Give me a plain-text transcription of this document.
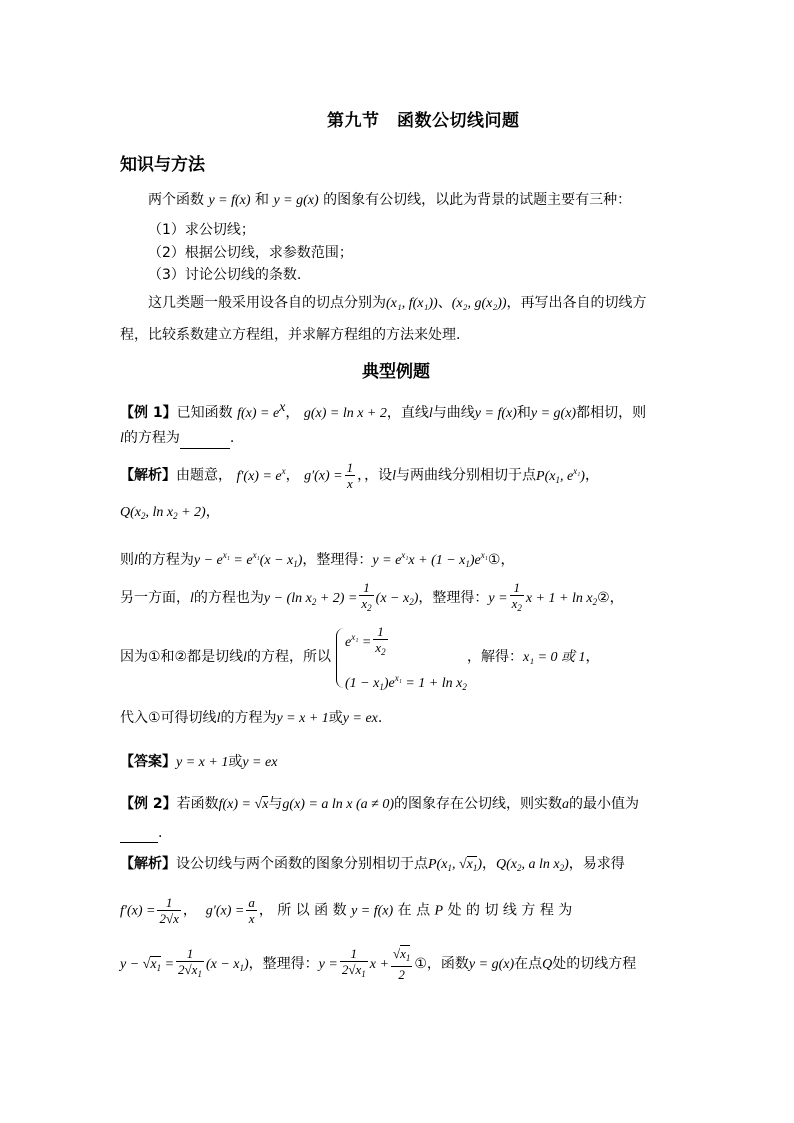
第九节　函数公切线问题
知识与方法
两个函数 y = f(x) 和 y = g(x) 的图象有公切线，以此为背景的试题主要有三种：
（1）求公切线；
（2）根据公切线，求参数范围；
（3）讨论公切线的条数.
这几类题一般采用设各自的切点分别为(x₁, f(x₁))、(x₂, g(x₂))，再写出各自的切线方
程，比较系数建立方程组，并求解方程组的方法来处理.
典型例题
【例 1】已知函数 $f(x) = e^x$， g(x) = ln x + 2，直线l与曲线y = f(x)和y = g(x)都相切，则
l的方程为	.
【解析】由题意， $f'(x) = e^x$， $g'(x) = \frac{1}{x}$ ，，设l与两曲线分别相切于点$P(x_1$, $e^{x_1}$)，
$Q(x_2$, $\ln x_2 + 2$)，
则l的方程为$y - e^{x_1} = e^{x_1}(x - x_1)$，整理得：$y = e^{x_1}x + (1$ − $x_1)e^{x_1}①$，
另一方面，l的方程也为y − (ln $x_2 + 2) = \frac{1}{x_2} (x - x_2)$，整理得：$y = \frac{1}{x_2}$ $x + 1 + \ln x_2②$，
因为①和②都是切线l的方程，所以
$e^{x_1} = \frac{1}{x_2}$
$(1 - x_1)e^{x_1} = 1 + \ln x_2$
，解得：x₁ = 0 或 1，
代入①可得切线l的方程为y = x + 1或y = ex.
【答案】y = x + 1或y = ex
【例 2】若函数f(x) = √x与g(x) = a ln x (a ≠ 0)的图象存在公切线，则实数a的最小值为
.
【解析】设公切线与两个函数的图象分别相切于点$P(x_1$, $√x_1$)，$Q(x_2$, a $\ln x_2$)，易求得
$f'(x) = \frac{1}{2√x}$ ，  $g'(x) = \frac{a}{x}$ ， 所 以 函 数 y = f(x) 在 点 P 处 的 切 线 方 程 为
$y - √x_1 = \frac{1}{2√x_1} (x - x_1)$，整理得：$y = \frac{1}{2√x_1}$ $x + \frac{√x_1}{2}$ ①，函数y = g(x)在点Q处的切线方程
